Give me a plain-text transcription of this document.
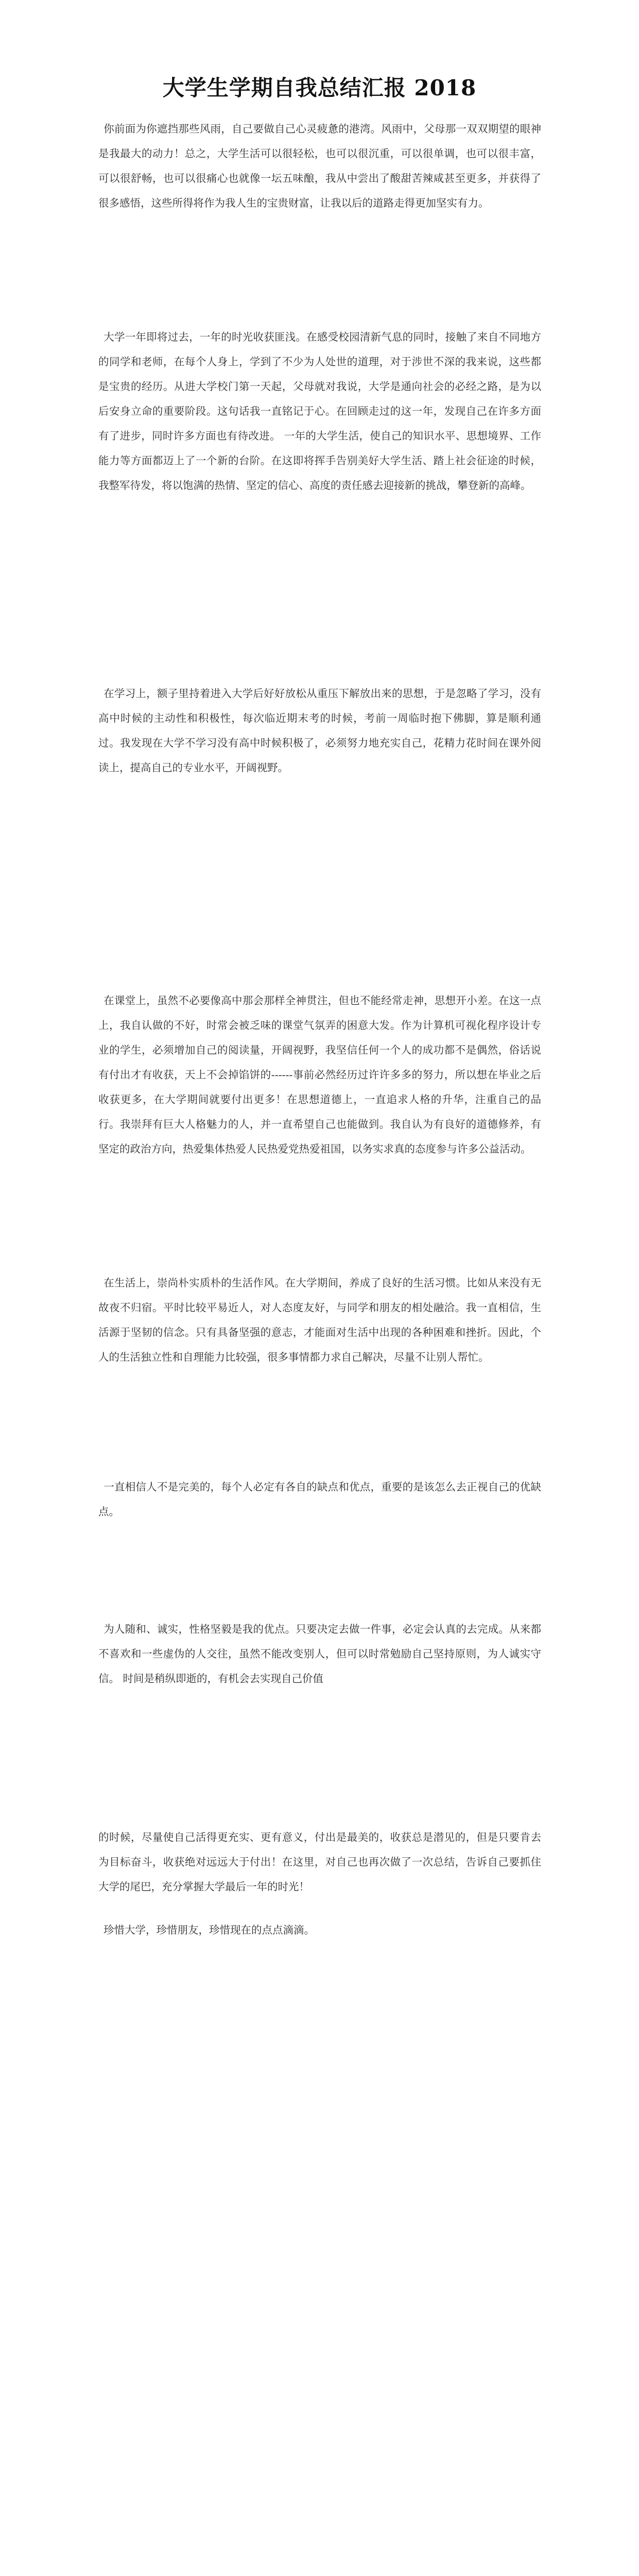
大学生学期自我总结汇报 2018

你前面为你遮挡那些风雨，自己要做自己心灵疲惫的港湾。风雨中，父母那一双双期望的眼神是我最大的动力！总之，大学生活可以很轻松，也可以很沉重，可以很单调，也可以很丰富，可以很舒畅，也可以很痛心也就像一坛五味酿，我从中尝出了酸甜苦辣咸甚至更多，并获得了很多感悟，这些所得将作为我人生的宝贵财富，让我以后的道路走得更加坚实有力。

大学一年即将过去，一年的时光收获匪浅。在感受校园清新气息的同时，接触了来自不同地方的同学和老师，在每个人身上，学到了不少为人处世的道理，对于涉世不深的我来说，这些都是宝贵的经历。从进大学校门第一天起，父母就对我说，大学是通向社会的必经之路，是为以后安身立命的重要阶段。这句话我一直铭记于心。在回顾走过的这一年，发现自己在许多方面有了进步，同时许多方面也有待改进。 一年的大学生活，使自己的知识水平、思想境界、工作能力等方面都迈上了一个新的台阶。在这即将挥手告别美好大学生活、踏上社会征途的时候，我整军待发，将以饱满的热情、坚定的信心、高度的责任感去迎接新的挑战，攀登新的高峰。

在学习上，额子里持着进入大学后好好放松从重压下解放出来的思想，于是忽略了学习，没有高中时候的主动性和积极性，每次临近期末考的时候，考前一周临时抱下佛脚，算是顺利通过。我发现在大学不学习没有高中时候积极了，必须努力地充实自己，花精力花时间在课外阅读上，提高自己的专业水平，开阔视野。

在课堂上，虽然不必要像高中那会那样全神贯注，但也不能经常走神，思想开小差。在这一点上，我自认做的不好，时常会被乏味的课堂气氛弄的困意大发。作为计算机可视化程序设计专业的学生，必须增加自己的阅读量，开阔视野，我坚信任何一个人的成功都不是偶然，俗话说 有付出才有收获，天上不会掉馅饼的------事前必然经历过许许多多的努力，所以想在毕业之后收获更多，在大学期间就要付出更多！在思想道德上，一直追求人格的升华，注重自己的品行。我崇拜有巨大人格魅力的人，并一直希望自己也能做到。我自认为有良好的道德修养，有坚定的政治方向，热爱集体热爱人民热爱党热爱祖国，以务实求真的态度参与许多公益活动。

在生活上，崇尚朴实质朴的生活作风。在大学期间，养成了良好的生活习惯。比如从来没有无故夜不归宿。平时比较平易近人，对人态度友好，与同学和朋友的相处融洽。我一直相信，生活源于坚韧的信念。只有具备坚强的意志，才能面对生活中出现的各种困难和挫折。因此，个人的生活独立性和自理能力比较强，很多事情都力求自己解决，尽量不让别人帮忙。

一直相信人不是完美的，每个人必定有各自的缺点和优点，重要的是该怎么去正视自己的优缺点。

为人随和、诚实，性格坚毅是我的优点。只要决定去做一件事，必定会认真的去完成。从来都不喜欢和一些虚伪的人交往，虽然不能改变别人，但可以时常勉励自己坚持原则，为人诚实守信。 时间是稍纵即逝的，有机会去实现自己价值

的时候，尽量使自己活得更充实、更有意义，付出是最美的，收获总是潜见的，但是只要肯去为目标奋斗，收获绝对远远大于付出！在这里，对自己也再次做了一次总结，告诉自己要抓住大学的尾巴，充分掌握大学最后一年的时光！

珍惜大学，珍惜朋友，珍惜现在的点点滴滴。
